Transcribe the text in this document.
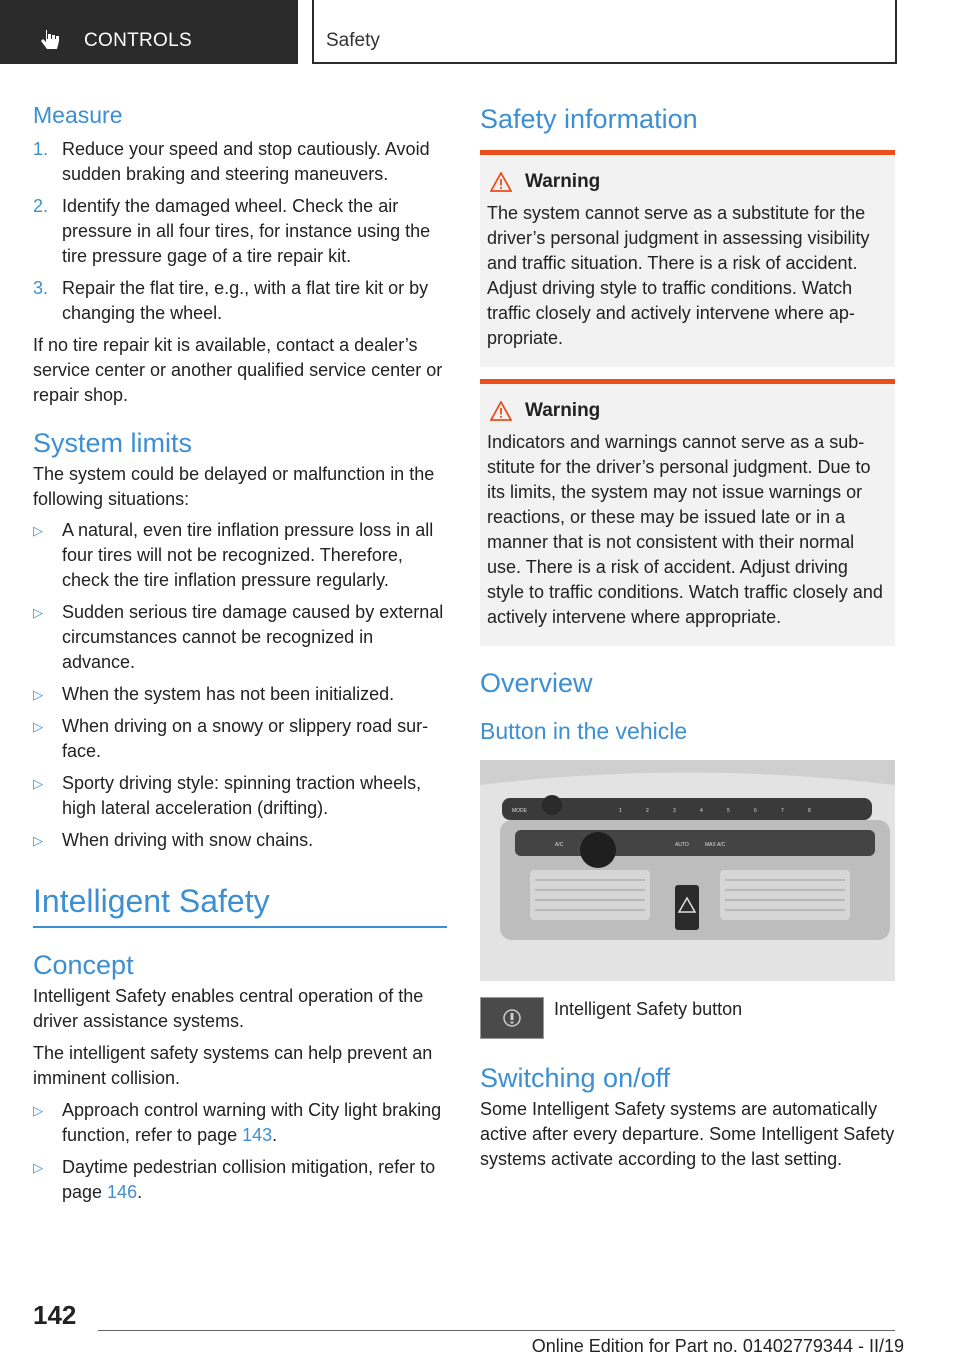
CONTROLS	Safety
Measure
1. Reduce your speed and stop cautiously. Avoid sudden braking and steering maneuvers.
2. Identify the damaged wheel. Check the air pressure in all four tires, for instance using the tire pressure gage of a tire repair kit.
3. Repair the flat tire, e.g., with a flat tire kit or by changing the wheel.

If no tire repair kit is available, contact a dealer’s service center or another qualified service center or repair shop.

System limits

The system could be delayed or malfunction in the following situations:

▷ A natural, even tire inflation pressure loss in all four tires will not be recognized. Therefore, check the tire inflation pressure regularly.
▷ Sudden serious tire damage caused by external circumstances cannot be recognized in advance.
▷ When the system has not been initialized.
▷ When driving on a snowy or slippery road surface.
▷ Sporty driving style: spinning traction wheels, high lateral acceleration (drifting).
▷ When driving with snow chains.
Intelligent Safety
Concept

Intelligent Safety enables central operation of the driver assistance systems.

The intelligent safety systems can help prevent an imminent collision.

▷ Approach control warning with City light braking function, refer to page 143.
▷ Daytime pedestrian collision mitigation, refer to page 146.
Safety information
Warning

The system cannot serve as a substitute for the driver’s personal judgment in assessing visibility and traffic situation. There is a risk of accident. Adjust driving style to traffic conditions. Watch traffic closely and actively intervene where appropriate.

Warning

Indicators and warnings cannot serve as a substitute for the driver’s personal judgment. Due to its limits, the system may not issue warnings or reactions, or these may be issued late or in a manner that is not consistent with their normal use. There is a risk of accident. Adjust driving style to traffic conditions. Watch traffic closely and actively intervene where appropriate.

Overview
Button in the vehicle
MODE	1	2	3	4	5	6	7	8
A/C	AUTO	MAX A/C
Intelligent Safety button
Switching on/off

Some Intelligent Safety systems are automatically active after every departure. Some Intelligent Safety systems activate according to the last setting.

142
Online Edition for Part no. 01402779344 - II/19
